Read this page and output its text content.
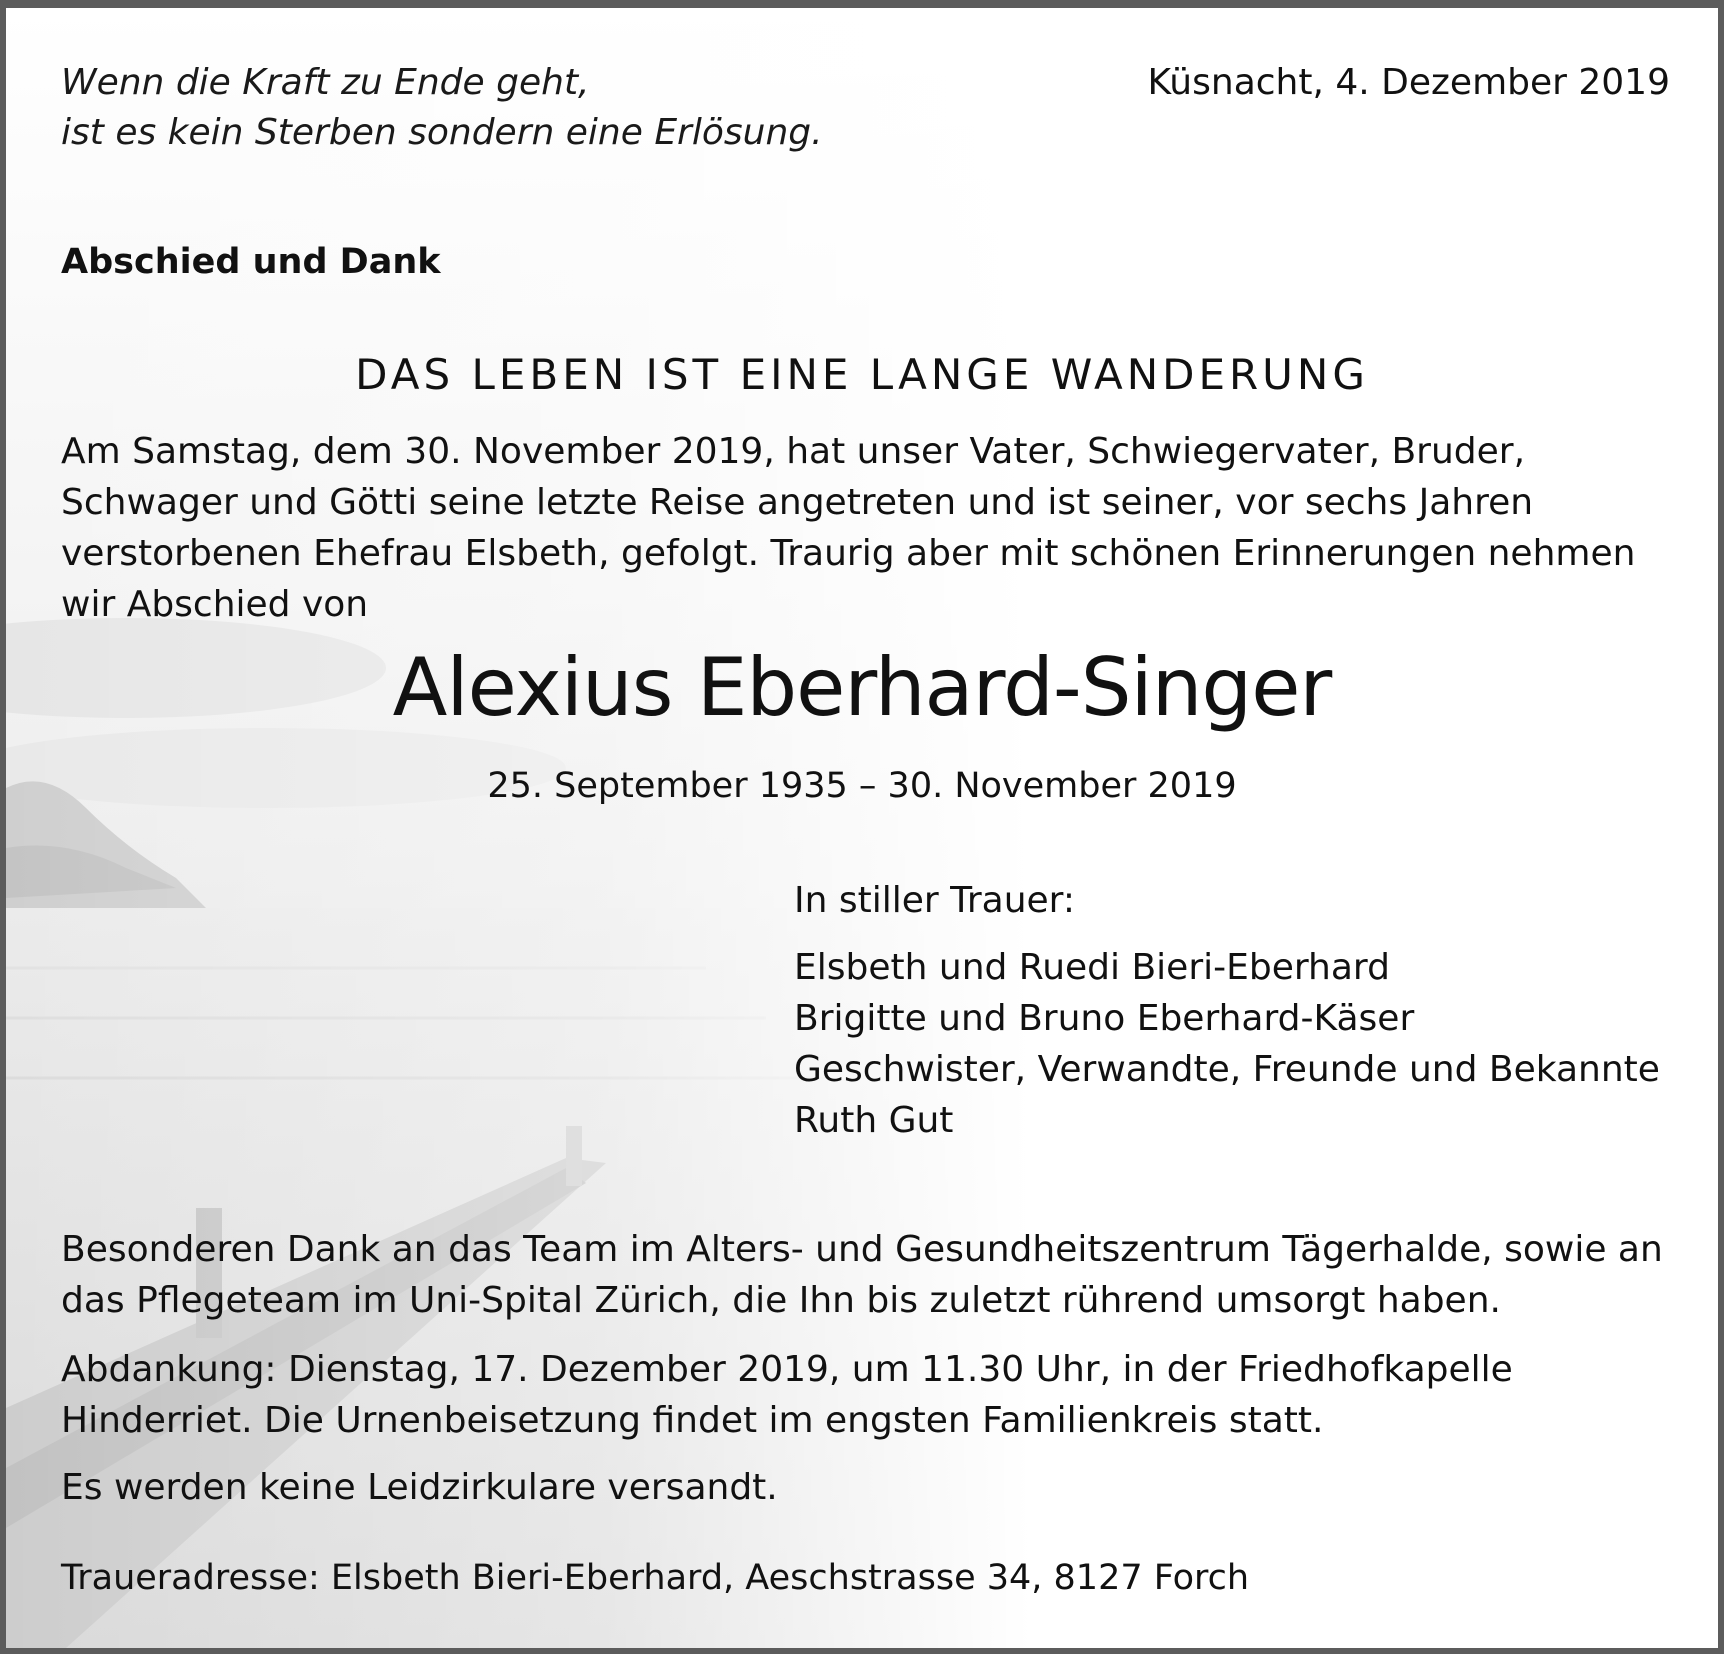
Wenn die Kraft zu Ende geht,
ist es kein Sterben sondern eine Erlösung.

Küsnacht, 4. Dezember 2019

Abschied und Dank

DAS LEBEN IST EINE LANGE WANDERUNG

Am Samstag, dem 30. November 2019, hat unser Vater, Schwiegervater, Bruder, Schwager und Götti seine letzte Reise angetreten und ist seiner, vor sechs Jahren verstorbenen Ehefrau Elsbeth, gefolgt. Traurig aber mit schönen Erinnerungen nehmen wir Abschied von

Alexius Eberhard-Singer

25. September 1935 – 30. November 2019

In stiller Trauer:

Elsbeth und Ruedi Bieri-Eberhard
Brigitte und Bruno Eberhard-Käser
Geschwister, Verwandte, Freunde und Bekannte
Ruth Gut

Besonderen Dank an das Team im Alters- und Gesundheitszentrum Tägerhalde, sowie an das Pflegeteam im Uni-Spital Zürich, die Ihn bis zuletzt rührend umsorgt haben.

Abdankung: Dienstag, 17. Dezember 2019, um 11.30 Uhr, in der Friedhofkapelle Hinderriet. Die Urnenbeisetzung findet im engsten Familienkreis statt.

Es werden keine Leidzirkulare versandt.

Traueradresse: Elsbeth Bieri-Eberhard, Aeschstrasse 34, 8127 Forch
